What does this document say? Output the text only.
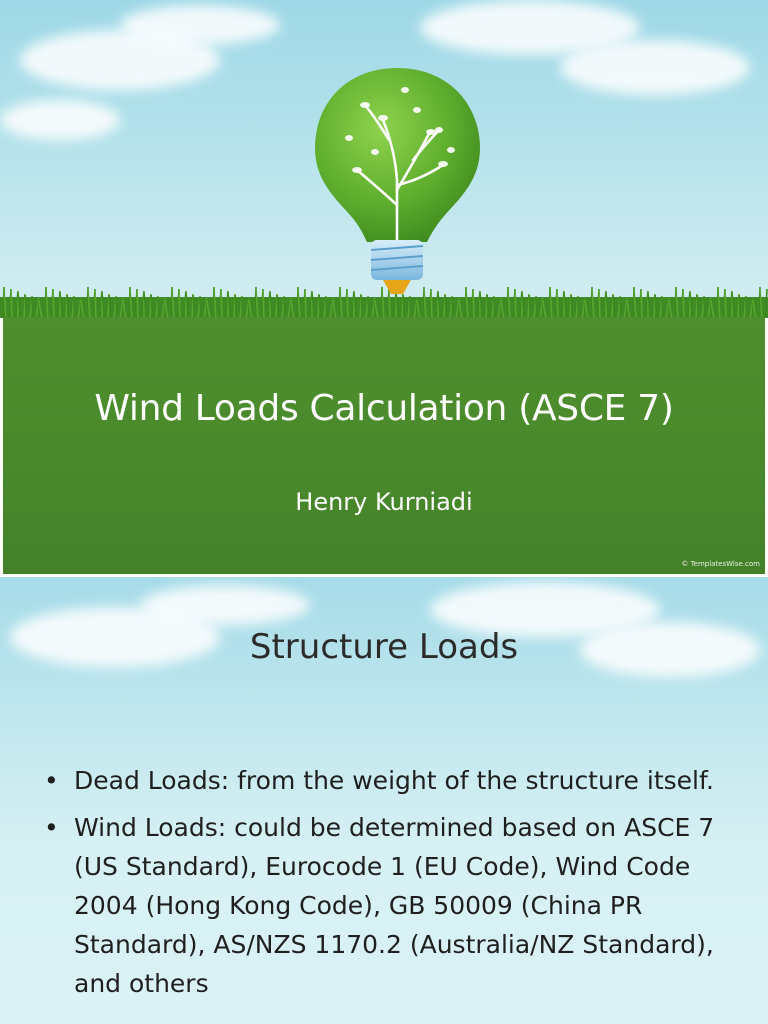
Wind Loads Calculation (ASCE 7)

Henry Kurniadi

© TemplatesWise.com
Structure Loads
• Dead Loads: from the weight of the structure itself.
• Wind Loads: could be determined based on ASCE 7 (US Standard), Eurocode 1 (EU Code), Wind Code 2004 (Hong Kong Code), GB 50009 (China PR Standard), AS/NZS 1170.2 (Australia/NZ Standard), and others
